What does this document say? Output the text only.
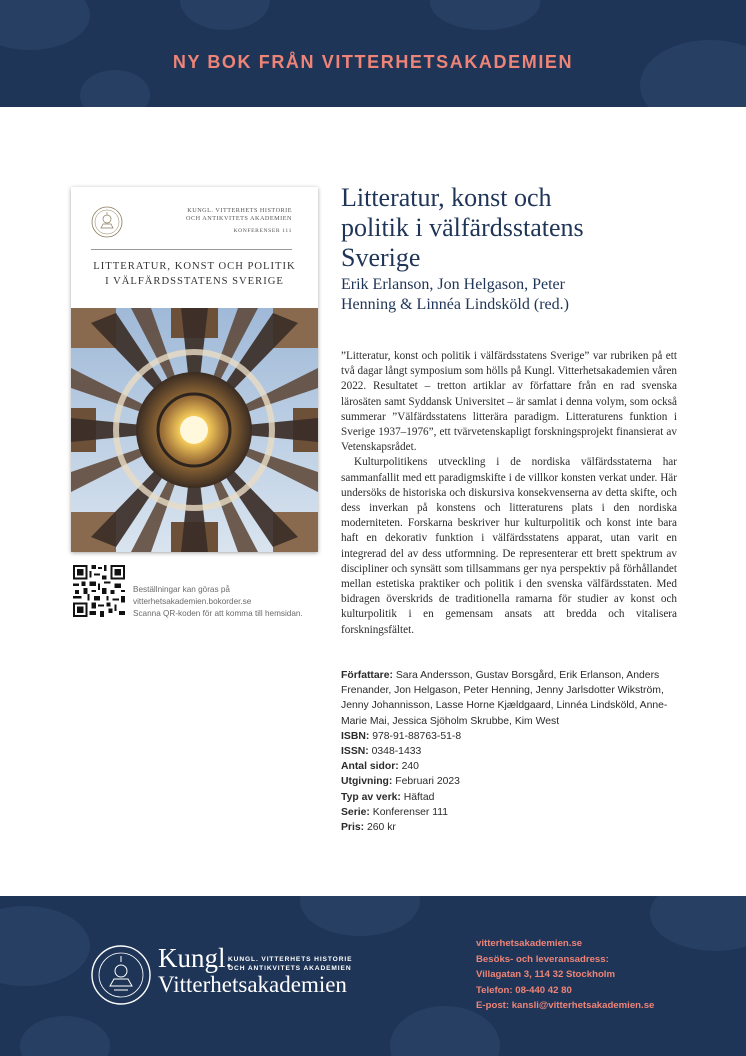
NY BOK FRÅN VITTERHETSAKADEMIEN
KUNGL. VITTERHETS HISTORIE
OCH ANTIKVITETS AKADEMIEN
KONFERENSER 111
LITTERATUR, KONST OCH POLITIK
I VÄLFÄRDSSTATENS SVERIGE
Beställningar kan göras på
vitterhetsakademien.bokorder.se
Scanna QR-koden för att komma till hemsidan.
Litteratur, konst och
politik i välfärdsstatens
Sverige
Erik Erlanson, Jon Helgason, Peter
Henning & Linnéa Lindsköld (red.)

”Litteratur, konst och politik i välfärdsstatens Sverige” var rubriken på ett två dagar långt symposium som hölls på Kungl. Vitterhetsakademien våren 2022. Resultatet – tretton artiklar av författare från en rad svenska lärosäten samt Syddansk Universitet – är samlat i denna volym, som också summerar ”Välfärdsstatens litterära paradigm. Litteraturens funktion i Sverige 1937–1976”, ett tvärvetenskapligt forskningsprojekt finansierat av Vetenskapsrådet.

Kulturpolitikens utveckling i de nordiska välfärdsstaterna har sammanfallit med ett paradigmskifte i de villkor konsten verkat under. Här undersöks de historiska och diskursiva konsekvenserna av detta skifte, och dess inverkan på konstens och litteraturens plats i den nordiska moderniteten. Forskarna beskriver hur kulturpolitik och konst inte bara haft en dekorativ funktion i välfärdsstatens apparat, utan varit en integrerad del av dess utformning. De representerar ett brett spektrum av discipliner och synsätt som tillsammans ger nya perspektiv på förhållandet mellan estetiska praktiker och politik i den svenska välfärdsstaten. Med bidragen överskrids de traditionella ramarna för studier av konst och kulturpolitik i en gemensam ansats att bredda och vitalisera forskningsfältet.

Författare: Sara Andersson, Gustav Borsgård, Erik Erlanson, Anders Frenander, Jon Helgason, Peter Henning, Jenny Jarlsdotter Wikström, Jenny Johannisson, Lasse Horne Kjældgaard, Linnéa Lindsköld, Anne-Marie Mai, Jessica Sjöholm Skrubbe, Kim West
ISBN: 978-91-88763-51-8
ISSN: 0348-1433
Antal sidor: 240
Utgivning: Februari 2023
Typ av verk: Häftad
Serie: Konferenser 111
Pris: 260 kr
Kungl.
KUNGL. VITTERHETS HISTORIE
OCH ANTIKVITETS AKADEMIEN
Vitterhetsakademien
vitterhetsakademien.se
Besöks- och leveransadress:
Villagatan 3, 114 32 Stockholm
Telefon: 08-440 42 80
E-post: kansli@vitterhetsakademien.se
